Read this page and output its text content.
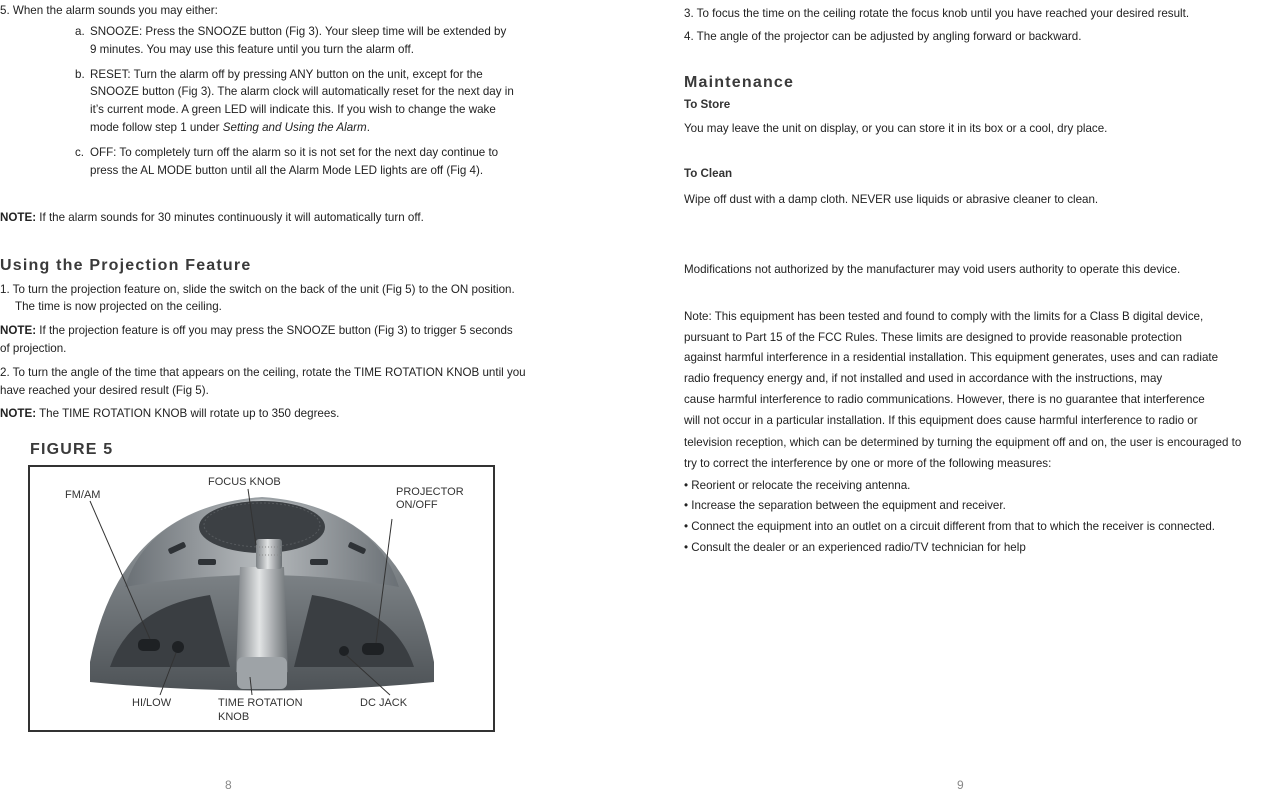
5. When the alarm sounds you may either:
a. SNOOZE: Press the SNOOZE button (Fig 3). Your sleep time will be extended by
9 minutes. You may use this feature until you turn the alarm off.
b. RESET: Turn the alarm off by pressing ANY button on the unit, except for the
SNOOZE button (Fig 3). The alarm clock will automatically reset for the next day in
it’s current mode. A green LED will indicate this. If you wish to change the wake
mode follow step 1 under Setting and Using the Alarm.
c. OFF: To completely turn off the alarm so it is not set for the next day continue to
press the AL MODE button until all the Alarm Mode LED lights are off (Fig 4).
NOTE: If the alarm sounds for 30 minutes continuously it will automatically turn off.
Using the Projection Feature
1. To turn the projection feature on, slide the switch on the back of the unit (Fig 5) to the ON position.
The time is now projected on the ceiling.
NOTE: If the projection feature is off you may press the SNOOZE button (Fig 3) to trigger 5 seconds
of projection.
2. To turn the angle of the time that appears on the ceiling, rotate the TIME ROTATION KNOB until you
have reached your desired result (Fig 5).
NOTE: The TIME ROTATION KNOB will rotate up to 350 degrees.
FIGURE 5
FOCUS KNOB
FM/AM	PROJECTOR
ON/OFF
HI/LOW	TIME ROTATION
KNOB
DC JACK
8
3. To focus the time on the ceiling rotate the focus knob until you have reached your desired result.
4. The angle of the projector can be adjusted by angling forward or backward.
Maintenance
To Store
You may leave the unit on display, or you can store it in its box or a cool, dry place.
To Clean
Wipe off dust with a damp cloth. NEVER use liquids or abrasive cleaner to clean.
Modifications not authorized by the manufacturer may void users authority to operate this device.
Note: This equipment has been tested and found to comply with the limits for a Class B digital device,
pursuant to Part 15 of the FCC Rules. These limits are designed to provide reasonable protection
against harmful interference in a residential installation. This equipment generates, uses and can radiate
radio frequency energy and, if not installed and used in accordance with the instructions, may
cause harmful interference to radio communications. However, there is no guarantee that interference
will not occur in a particular installation. If this equipment does cause harmful interference to radio or
television reception, which can be determined by turning the equipment off and on, the user is encouraged to
try to correct the interference by one or more of the following measures:
• Reorient or relocate the receiving antenna.
• Increase the separation between the equipment and receiver.
• Connect the equipment into an outlet on a circuit different from that to which the receiver is connected.
• Consult the dealer or an experienced radio/TV technician for help
9
